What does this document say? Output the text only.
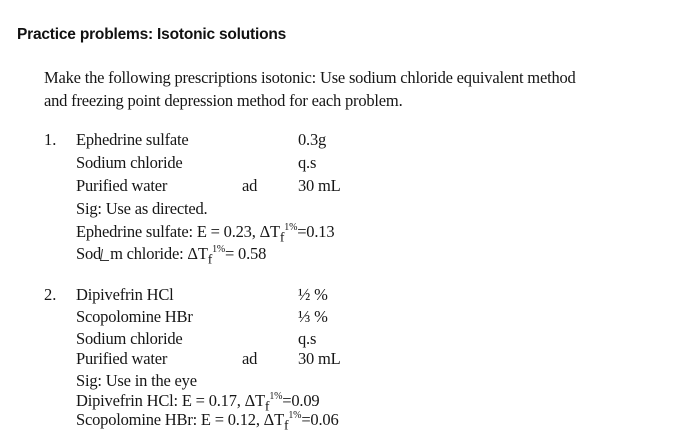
Practice problems: Isotonic solutions
Make the following prescriptions isotonic: Use sodium chloride equivalent method
and freezing point depression method for each problem.
1. Ephedrine sulfate	0.3g
Sodium chloride	q.s
Purified water	ad 30 mL
Sig: Use as directed.
Ephedrine sulfate: E = 0.23, $\Delta T_f^{1\%}=0.13$
Sod m chloride: $\Delta T_f^{1\%}= 0.58$
2. Dipivefrin HCl	½ %
Scopolomine HBr	⅓ %
Sodium chloride	q.s
Purified water	ad 30 mL
Sig: Use in the eye
Dipivefrin HCl: E = 0.17, $\Delta T_f^{1\%}=0.09$
Scopolomine HBr: E = 0.12, $\Delta T_f^{1\%}=0.06$
